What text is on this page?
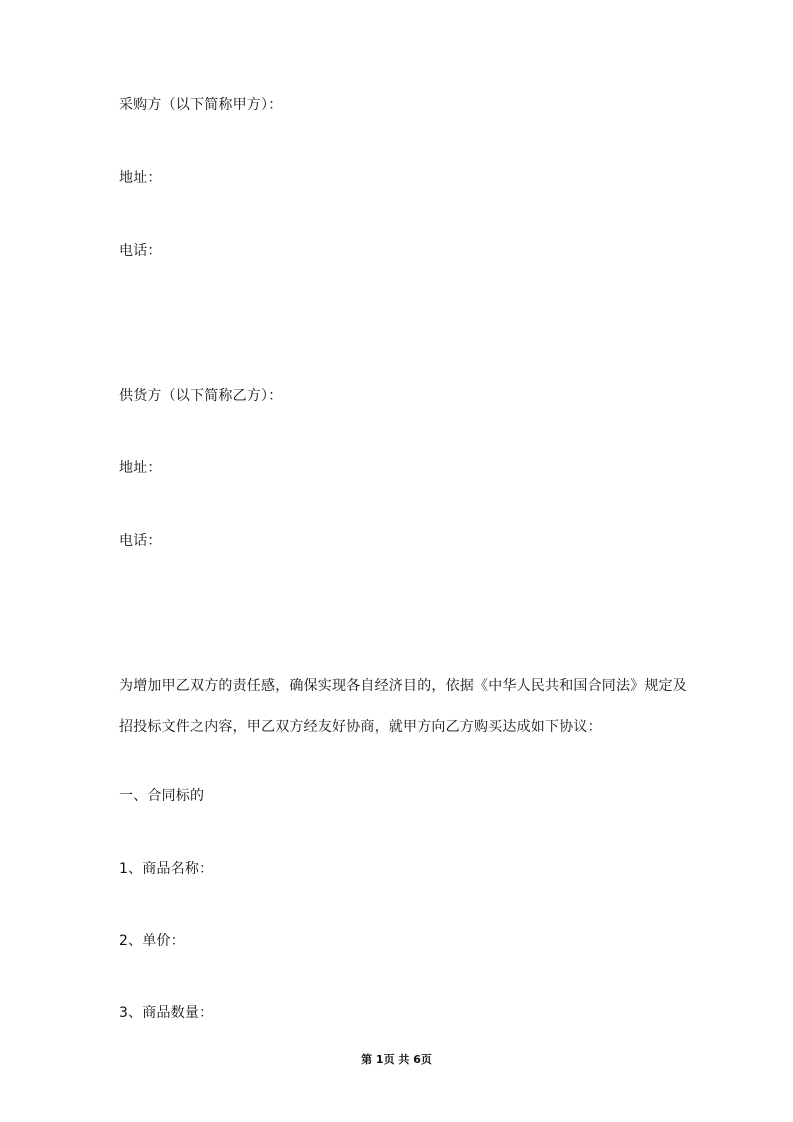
采购方（以下简称甲方）：
地址：
电话：
供货方（以下简称乙方）：
地址：
电话：
为增加甲乙双方的责任感，确保实现各自经济目的，依据《中华人民共和国合同法》规定及
招投标文件之内容，甲乙双方经友好协商，就甲方向乙方购买达成如下协议：
一、合同标的
1、商品名称：
2、单价：
3、商品数量：
第 1页 共 6页
